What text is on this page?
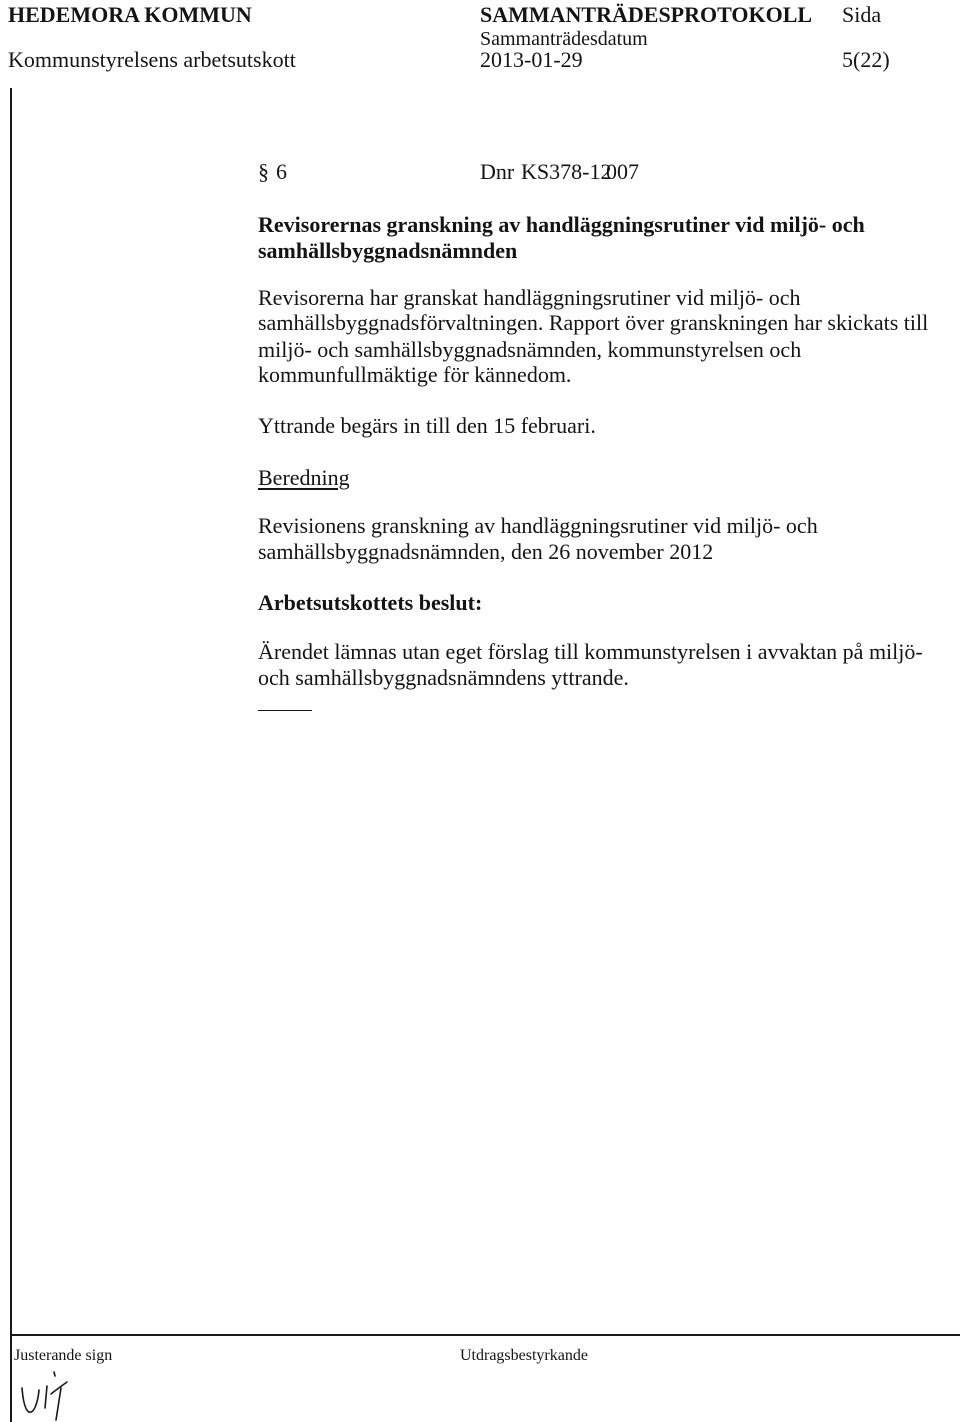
HEDEMORA KOMMUN	SAMMANTRÄDESPROTOKOLL Sida
Sammanträdesdatum
Kommunstyrelsens arbetsutskott	2013-01-29	5(22)
§ 6	Dnr KS378-12
007
Revisorernas granskning av handläggningsrutiner vid miljö- och
samhällsbyggnadsnämnden
Revisorerna har granskat handläggningsrutiner vid miljö- och
samhällsbyggnadsförvaltningen. Rapport över granskningen har skickats till
miljö- och samhällsbyggnadsnämnden, kommunstyrelsen och
kommunfullmäktige för kännedom.
Yttrande begärs in till den 15 februari.
Beredning
Revisionens granskning av handläggningsrutiner vid miljö- och
samhällsbyggnadsnämnden, den 26 november 2012
Arbetsutskottets beslut:
Ärendet lämnas utan eget förslag till kommunstyrelsen i avvaktan på miljö-
och samhällsbyggnadsnämndens yttrande.
Justerande sign	Utdragsbestyrkande
